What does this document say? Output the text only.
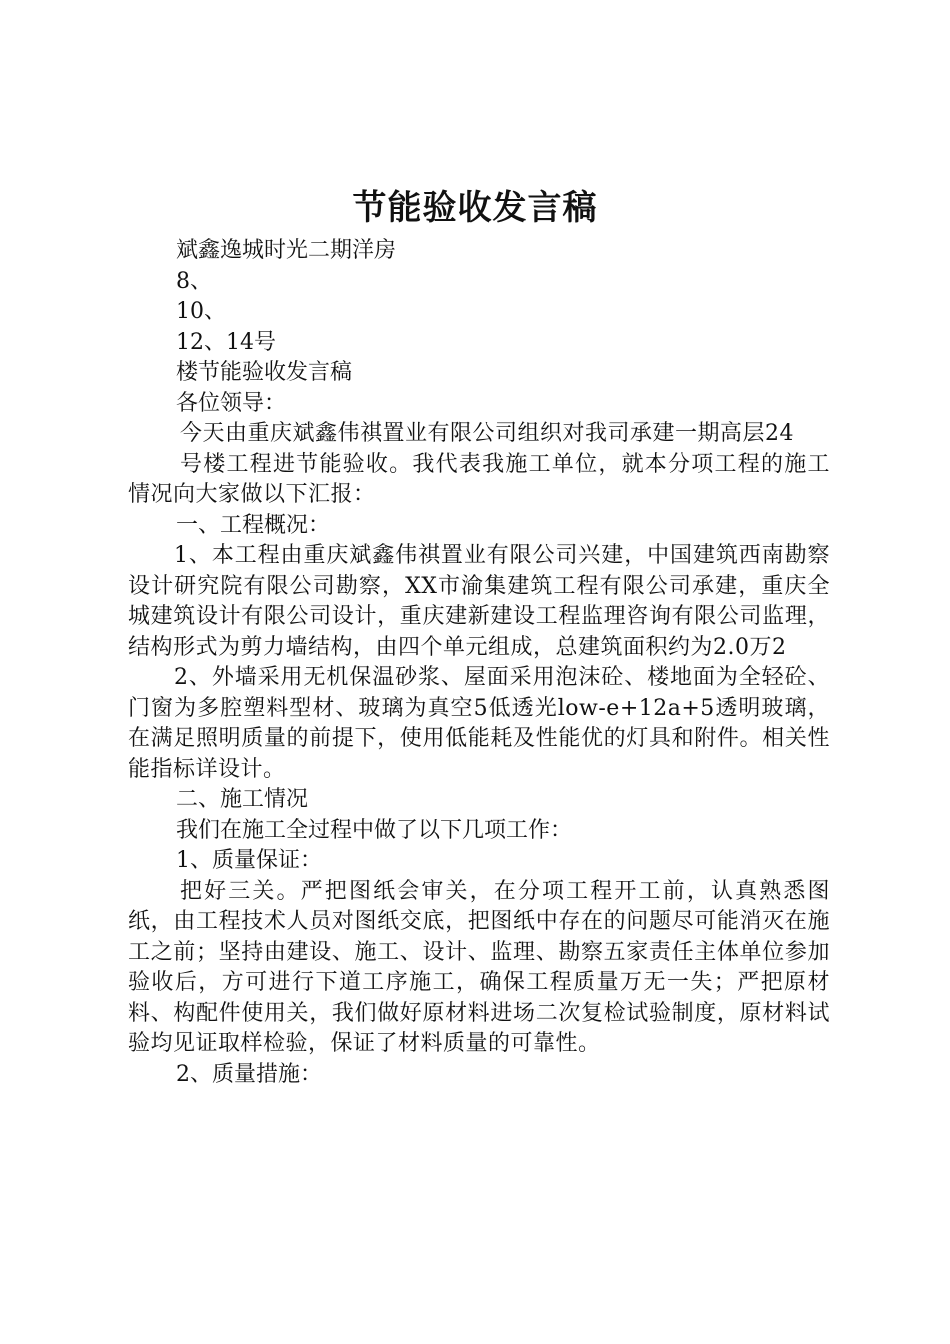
节能验收发言稿
斌鑫逸城时光二期洋房
8、
10、
12、14号
楼节能验收发言稿
各位领导：
今天由重庆斌鑫伟祺置业有限公司组织对我司承建一期高层24
号楼工程进节能验收。我代表我施工单位，就本分项工程的施工情况向大家做以下汇报：
一、工程概况：
1、本工程由重庆斌鑫伟祺置业有限公司兴建，中国建筑西南勘察设计研究院有限公司勘察，XX市渝集建筑工程有限公司承建，重庆全城建筑设计有限公司设计，重庆建新建设工程监理咨询有限公司监理，结构形式为剪力墙结构，由四个单元组成，总建筑面积约为2.0万2
2、外墙采用无机保温砂浆、屋面采用泡沫砼、楼地面为全轻砼、门窗为多腔塑料型材、玻璃为真空5低透光low-e+12a+5透明玻璃，在满足照明质量的前提下，使用低能耗及性能优的灯具和附件。相关性能指标详设计。
二、施工情况
我们在施工全过程中做了以下几项工作：
1、质量保证：
把好三关。严把图纸会审关，在分项工程开工前，认真熟悉图纸，由工程技术人员对图纸交底，把图纸中存在的问题尽可能消灭在施工之前；坚持由建设、施工、设计、监理、勘察五家责任主体单位参加验收后，方可进行下道工序施工，确保工程质量万无一失；严把原材料、构配件使用关，我们做好原材料进场二次复检试验制度，原材料试验均见证取样检验，保证了材料质量的可靠性。
2、质量措施：
